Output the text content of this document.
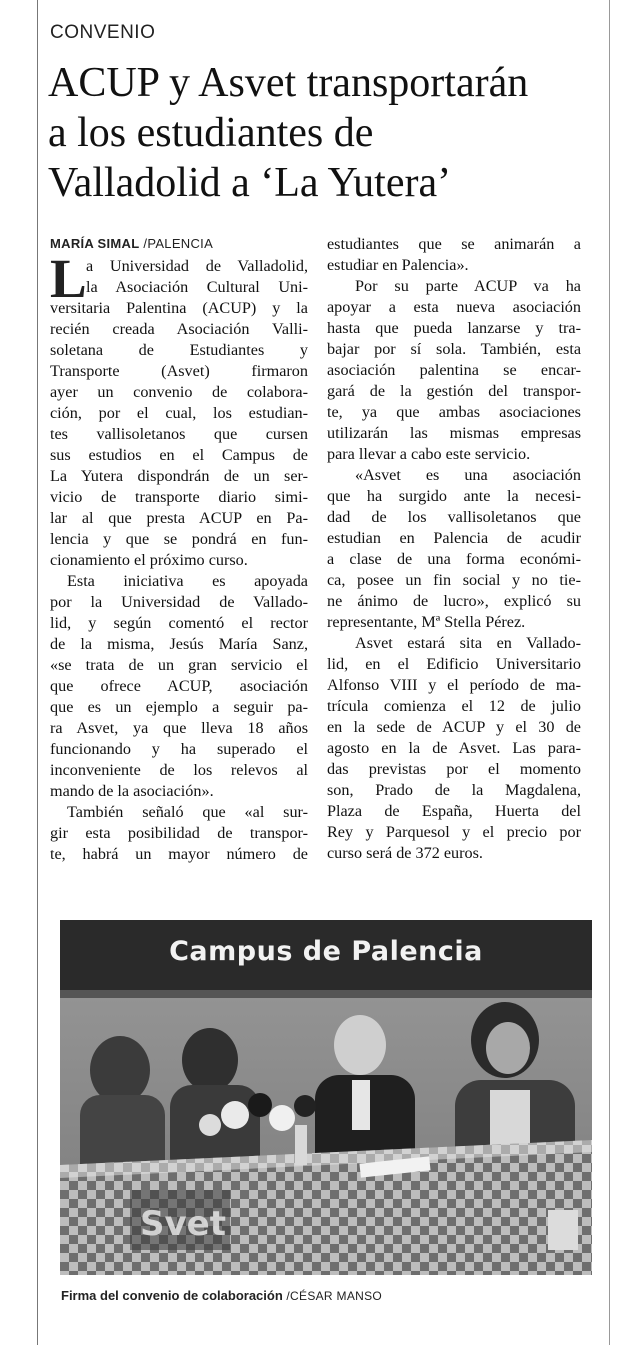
CONVENIO
ACUP y Asvet transportarán
a los estudiantes de
Valladolid a ‘La Yutera’
MARÍA SIMAL /PALENCIA
L a Universidad de Valladolid,
la Asociación Cultural Uni-
versitaria Palentina (ACUP) y la
recién creada Asociación Valli-
soletana de Estudiantes y
Transporte (Asvet) firmaron
ayer un convenio de colabora-
ción, por el cual, los estudian-
tes vallisoletanos que cursen
sus estudios en el Campus de
La Yutera dispondrán de un ser-
vicio de transporte diario simi-
lar al que presta ACUP en Pa-
lencia y que se pondrá en fun-
cionamiento el próximo curso.
Esta iniciativa es apoyada
por la Universidad de Vallado-
lid, y según comentó el rector
de la misma, Jesús María Sanz,
«se trata de un gran servicio el
que ofrece ACUP, asociación
que es un ejemplo a seguir pa-
ra Asvet, ya que lleva 18 años
funcionando y ha superado el
inconveniente de los relevos al
mando de la asociación».
También señaló que «al sur-
gir esta posibilidad de transpor-
te, habrá un mayor número de
estudiantes que se animarán a
estudiar en Palencia».
Por su parte ACUP va ha
apoyar a esta nueva asociación
hasta que pueda lanzarse y tra-
bajar por sí sola. También, esta
asociación palentina se encar-
gará de la gestión del transpor-
te, ya que ambas asociaciones
utilizarán las mismas empresas
para llevar a cabo este servicio.
«Asvet es una asociación
que ha surgido ante la necesi-
dad de los vallisoletanos que
estudian en Palencia de acudir
a clase de una forma económi-
ca, posee un fin social y no tie-
ne ánimo de lucro», explicó su
representante, Mª Stella Pérez.
Asvet estará sita en Vallado-
lid, en el Edificio Universitario
Alfonso VIII y el período de ma-
trícula comienza el 12 de julio
en la sede de ACUP y el 30 de
agosto en la de Asvet. Las para-
das previstas por el momento
son, Prado de la Magdalena,
Plaza de España, Huerta del
Rey y Parquesol y el precio por
curso será de 372 euros.
Svet
Campus de Palencia
Firma del convenio de colaboración /CÉSAR MANSO
